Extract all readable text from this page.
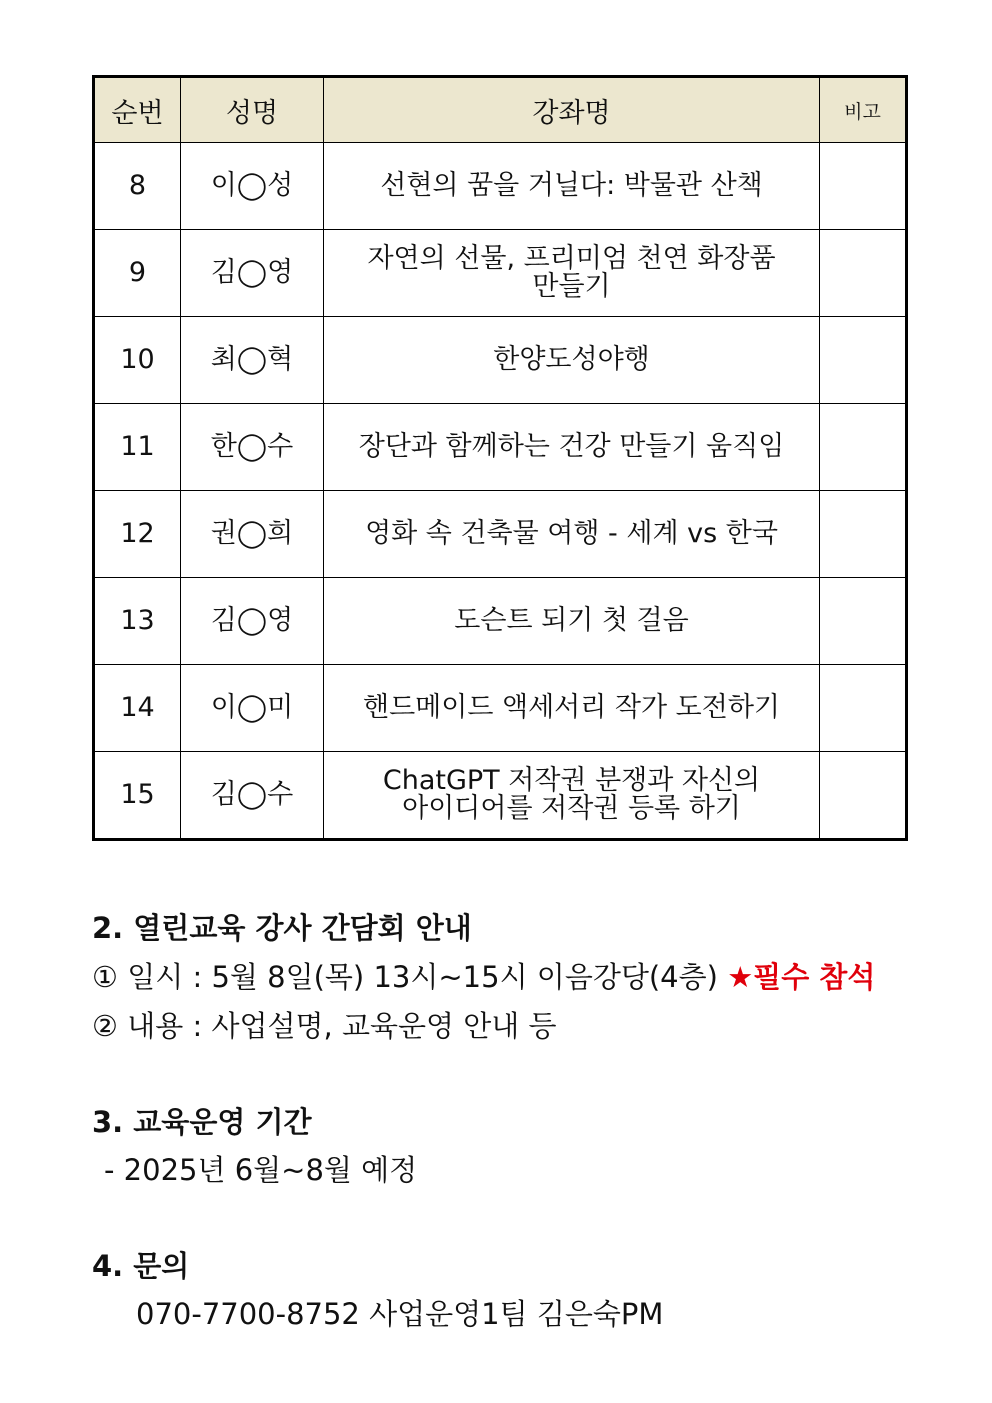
순번	성명	강좌명	비고
8	이◯성	선현의 꿈을 거닐다: 박물관 산책	
9	김◯영	자연의 선물, 프리미엄 천연 화장품 만들기	
10	최◯혁	한양도성야행	
11	한◯수	장단과 함께하는 건강 만들기 움직임	
12	권◯희	영화 속 건축물 여행 - 세계 vs 한국	
13	김◯영	도슨트 되기 첫 걸음	
14	이◯미	핸드메이드 액세서리 작가 도전하기	
15	김◯수	ChatGPT 저작권 분쟁과 자신의 아이디어를 저작권 등록 하기	
2. 열린교육 강사 간담회 안내
① 일시 : 5월 8일(목) 13시~15시 이음강당(4층) ★필수 참석
② 내용 : 사업설명, 교육운영 안내 등
3. 교육운영 기간
- 2025년 6월~8월 예정
4. 문의
070-7700-8752 사업운영1팀 김은숙PM
